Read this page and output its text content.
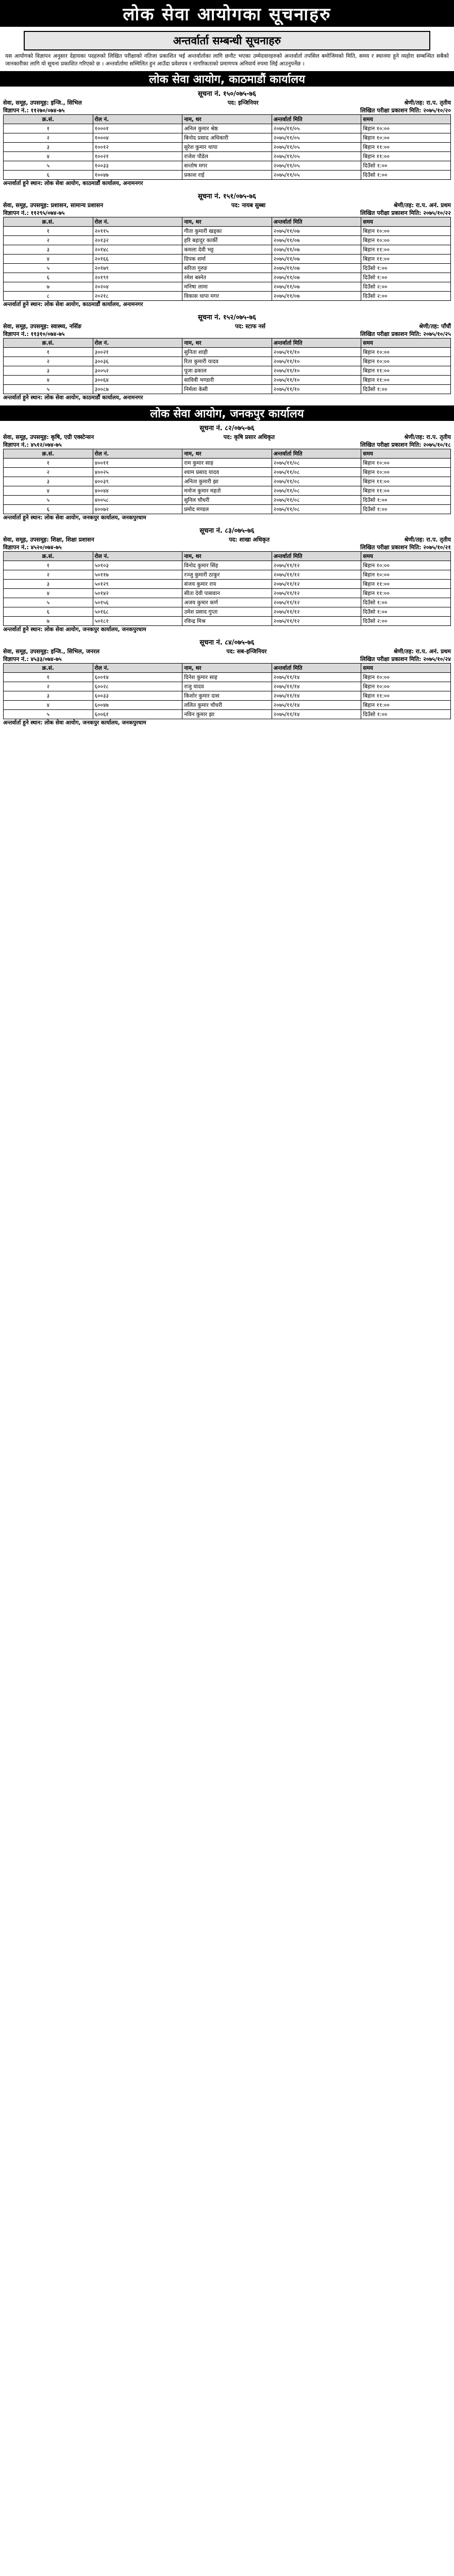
लोक सेवा आयोगका सूचनाहरु
अन्तर्वार्ता सम्बन्धी सूचनाहरु
यस आयोगको विज्ञापन अनुसार देहायका पदहरुको लिखित परीक्षाको नतिजा प्रकाशित भई अन्तर्वार्ताका लागि छनौट भएका उम्मेदवारहरुको अन्तर्वार्ता तपसिल बमोजिमको मिति, समय र स्थानमा हुने व्यहोरा सम्बन्धित सबैको जानकारीका लागि यो सूचना प्रकाशित गरिएको छ । अन्तर्वार्तामा सम्मिलित हुन आउँदा प्रवेशपत्र र नागरिकताको प्रमाणपत्र अनिवार्य रुपमा लिई आउनुपर्नेछ ।
लोक सेवा आयोग, काठमाडौं कार्यालय
सूचना नं. १५०/०७५-७६
सेवा, समूह, उपसमूह: इन्जि., सिभिल	पद: इन्जिनियर	श्रेणी/तह: रा.प. तृतीय
विज्ञापन नं.: ११२७०/०७४-७५	लिखित परीक्षा प्रकाशन मिति: २०७५/१०/२०
क्र.सं.	रोल नं.	नाम, थर	अन्तर्वार्ता मिति	समय
१	१०००१	अनिल कुमार श्रेष्ठ	२०७५/११/०५	बिहान १०:००
२	१०००४	बिनोद प्रसाद अधिकारी	२०७५/११/०५	बिहान १०:००
३	१००१२	सुरेश कुमार थापा	२०७५/११/०५	बिहान ११:००
४	१००२१	राजेश पौडेल	२०७५/११/०५	बिहान ११:००
५	१००३३	सन्तोष मगर	२०७५/११/०५	दिउँसो १:००
६	१००४७	प्रकाश राई	२०७५/११/०५	दिउँसो १:००
अन्तर्वार्ता हुने स्थान: लोक सेवा आयोग, काठमाडौं कार्यालय, अनामनगर
सूचना नं. १५१/०७५-७६
सेवा, समूह, उपसमूह: प्रशासन, सामान्य प्रशासन	पद: नायब सुब्बा	श्रेणी/तह: रा.प. अनं. प्रथम
विज्ञापन नं.: ११२९५/०७४-७५	लिखित परीक्षा प्रकाशन मिति: २०७५/१०/२२
क्र.सं.	रोल नं.	नाम, थर	अन्तर्वार्ता मिति	समय
१	२०११५	गीता कुमारी खड्का	२०७५/११/०७	बिहान १०:००
२	२०१३२	हरि बहादुर कार्की	२०७५/११/०७	बिहान १०:००
३	२०१४८	कमला देवी भट्ट	२०७५/११/०७	बिहान ११:००
४	२०१६६	दिपक शर्मा	२०७५/११/०७	बिहान ११:००
५	२०१७९	सरिता गुरुङ	२०७५/११/०७	दिउँसो १:००
६	२०१९१	रमेश बस्नेत	२०७५/११/०७	दिउँसो १:००
७	२०२०४	मनिषा लामा	२०७५/११/०७	दिउँसो २:००
८	२०२१८	विकास थापा मगर	२०७५/११/०७	दिउँसो २:००
अन्तर्वार्ता हुने स्थान: लोक सेवा आयोग, काठमाडौं कार्यालय, अनामनगर
सूचना नं. १५२/०७५-७६
सेवा, समूह, उपसमूह: स्वास्थ्य, नर्सिङ	पद: स्टाफ नर्स	श्रेणी/तह: पाँचौं
विज्ञापन नं.: ११३१०/०७४-७५	लिखित परीक्षा प्रकाशन मिति: २०७५/१०/२५
क्र.सं.	रोल नं.	नाम, थर	अन्तर्वार्ता मिति	समय
१	३००२१	सुनिता शाही	२०७५/११/१०	बिहान १०:००
२	३००३६	रिता कुमारी यादव	२०७५/११/१०	बिहान १०:००
३	३००५२	पूजा ढकाल	२०७५/११/१०	बिहान ११:००
४	३००६४	सावित्री भण्डारी	२०७५/११/१०	बिहान ११:००
५	३००८७	निर्मला केसी	२०७५/११/१०	दिउँसो १:००
अन्तर्वार्ता हुने स्थान: लोक सेवा आयोग, काठमाडौं कार्यालय, अनामनगर
लोक सेवा आयोग, जनकपुर कार्यालय
सूचना नं. ८२/०७५-७६
सेवा, समूह, उपसमूह: कृषि, एग्री एक्स्टेन्सन	पद: कृषि प्रसार अधिकृत	श्रेणी/तह: रा.प. तृतीय
विज्ञापन नं.: ४५१२/०७४-७५	लिखित परीक्षा प्रकाशन मिति: २०७५/१०/१८
क्र.सं.	रोल नं.	नाम, थर	अन्तर्वार्ता मिति	समय
१	४००११	राम कुमार साह	२०७५/११/०८	बिहान १०:००
२	४००२५	श्याम प्रसाद यादव	२०७५/११/०८	बिहान १०:००
३	४००३९	अनिता कुमारी झा	२०७५/११/०८	बिहान ११:००
४	४००४४	मनोज कुमार महतो	२०७५/११/०८	बिहान ११:००
५	४००५८	सुनिल चौधरी	२०७५/११/०८	दिउँसो १:००
६	४००७२	प्रमोद मण्डल	२०७५/११/०८	दिउँसो १:००
अन्तर्वार्ता हुने स्थान: लोक सेवा आयोग, जनकपुर कार्यालय, जनकपुरधाम
सूचना नं. ८३/०७५-७६
सेवा, समूह, उपसमूह: शिक्षा, शिक्षा प्रशासन	पद: शाखा अधिकृत	श्रेणी/तह: रा.प. तृतीय
विज्ञापन नं.: ४५२०/०७४-७५	लिखित परीक्षा प्रकाशन मिति: २०७५/१०/२१
क्र.सं.	रोल नं.	नाम, थर	अन्तर्वार्ता मिति	समय
१	५०१०३	विनोद कुमार सिंह	२०७५/११/१२	बिहान १०:००
२	५०११७	रञ्जु कुमारी ठाकुर	२०७५/११/१२	बिहान १०:००
३	५०१२९	संजय कुमार राय	२०७५/११/१२	बिहान ११:००
४	५०१४२	सीता देवी पासवान	२०७५/११/१२	बिहान ११:००
५	५०१५६	अजय कुमार कर्ण	२०७५/११/१२	दिउँसो १:००
६	५०१६८	उमेश प्रसाद गुप्ता	२०७५/११/१२	दिउँसो १:००
७	५०१८१	रविन्द्र मिश्र	२०७५/११/१२	दिउँसो २:००
अन्तर्वार्ता हुने स्थान: लोक सेवा आयोग, जनकपुर कार्यालय, जनकपुरधाम
सूचना नं. ८४/०७५-७६
सेवा, समूह, उपसमूह: इन्जि., सिभिल, जनरल	पद: सब-इन्जिनियर	श्रेणी/तह: रा.प. अनं. प्रथम
विज्ञापन नं.: ४५३३/०७४-७५	लिखित परीक्षा प्रकाशन मिति: २०७५/१०/२४
क्र.सं.	रोल नं.	नाम, थर	अन्तर्वार्ता मिति	समय
१	६००१४	दिनेश कुमार साह	२०७५/११/१४	बिहान १०:००
२	६००२८	राजु यादव	२०७५/११/१४	बिहान १०:००
३	६००३३	किशोर कुमार दास	२०७५/११/१४	बिहान ११:००
४	६००४७	ललित कुमार चौधरी	२०७५/११/१४	बिहान ११:००
५	६००६१	नविन कुमार झा	२०७५/११/१४	दिउँसो १:००
अन्तर्वार्ता हुने स्थान: लोक सेवा आयोग, जनकपुर कार्यालय, जनकपुरधाम
